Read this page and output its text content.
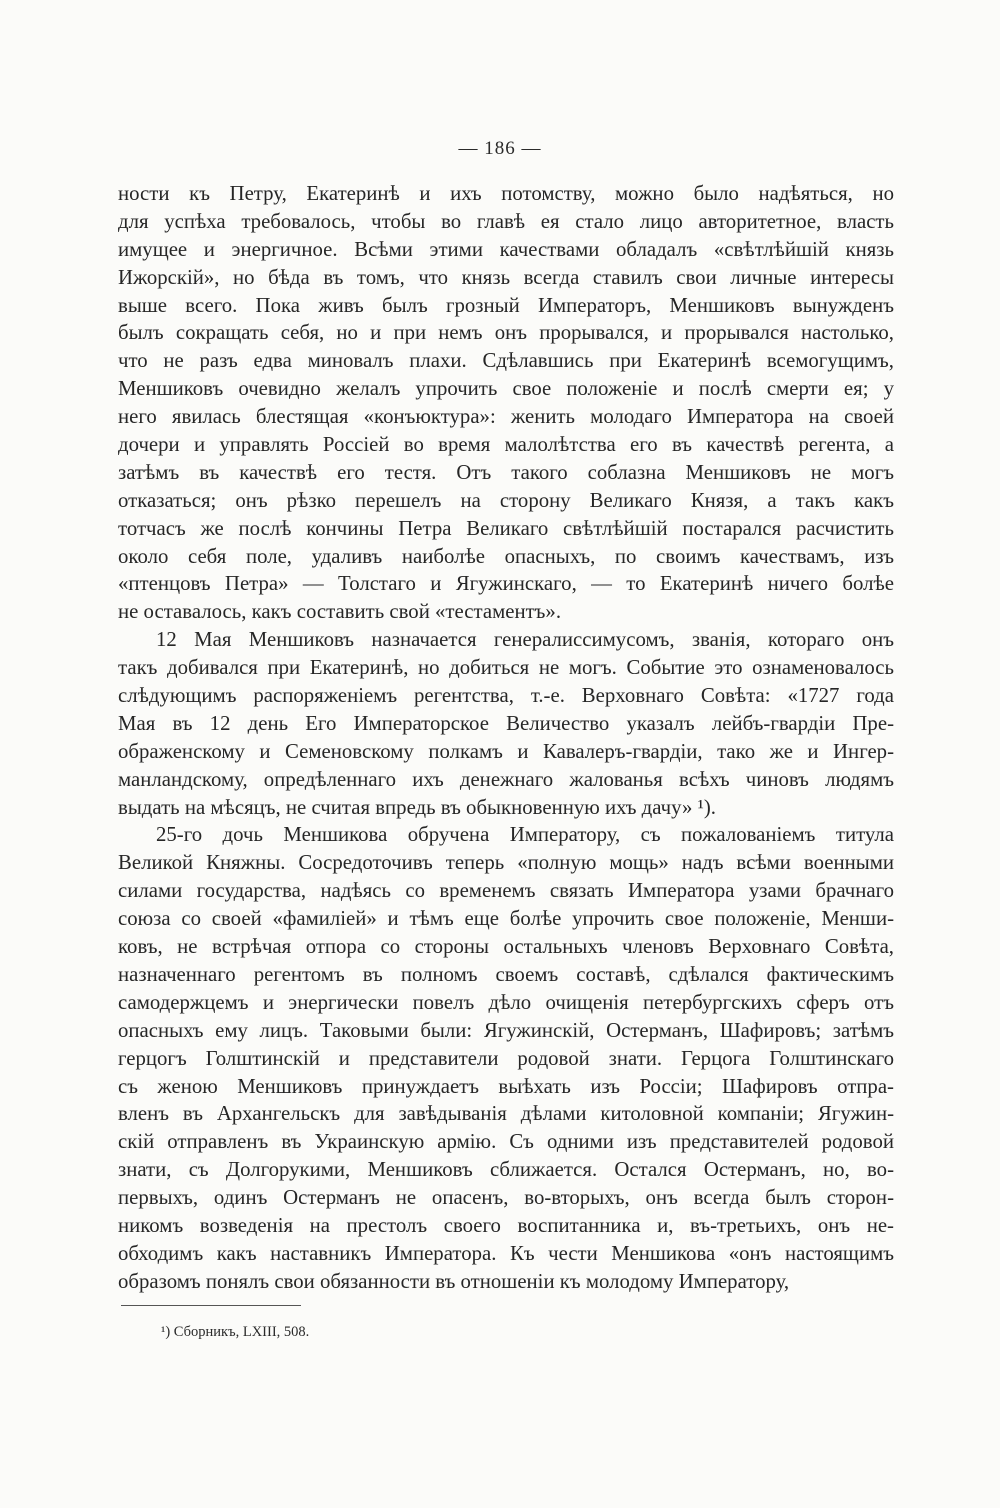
— 186 —
ности къ Петру, Екатеринѣ и ихъ потомству, можно было надѣяться, но
для успѣха требовалось, чтобы во главѣ ея стало лицо авторитетное, власть
имущее и энергичное. Всѣми этими качествами обладалъ «свѣтлѣйшій князь
Ижорскій», но бѣда въ томъ, что князь всегда ставилъ свои личные интересы
выше всего. Пока живъ былъ грозный Императоръ, Меншиковъ вынужденъ
былъ сокращать себя, но и при немъ онъ прорывался, и прорывался настолько,
что не разъ едва миновалъ плахи. Сдѣлавшись при Екатеринѣ всемогущимъ,
Меншиковъ очевидно желалъ упрочить свое положеніе и послѣ смерти ея; у
него явилась блестящая «конъюктура»: женить молодаго Императора на своей
дочери и управлять Россіей во время малолѣтства его въ качествѣ регента, а
затѣмъ въ качествѣ его тестя. Отъ такого соблазна Меншиковъ не могъ
отказаться; онъ рѣзко перешелъ на сторону Великаго Князя, а такъ какъ
тотчасъ же послѣ кончины Петра Великаго свѣтлѣйшій постарался расчистить
около себя поле, удаливъ наиболѣе опасныхъ, по своимъ качествамъ, изъ
«птенцовъ Петра» — Толстаго и Ягужинскаго, — то Екатеринѣ ничего болѣе
не оставалось, какъ составить свой «тестаментъ».
12 Мая Меншиковъ назначается генералиссимусомъ, званія, котораго онъ
такъ добивался при Екатеринѣ, но добиться не могъ. Событие это ознаменовалось
слѣдующимъ распоряженіемъ регентства, т.-е. Верховнаго Совѣта: «1727 года
Мая въ 12 день Его Императорское Величество указалъ лейбъ-гвардіи Пре-
ображенскому и Семеновскому полкамъ и Кавалеръ-гвардіи, тако же и Ингер-
манландскому, опредѣленнаго ихъ денежнаго жалованья всѣхъ чиновъ людямъ
выдать на мѣсяцъ, не считая впредь въ обыкновенную ихъ дачу» ¹).
25-го дочь Меншикова обручена Императору, съ пожалованіемъ титула
Великой Княжны. Сосредоточивъ теперь «полную мощь» надъ всѣми военными
силами государства, надѣясь со временемъ связать Императора узами брачнаго
союза со своей «фамиліей» и тѣмъ еще болѣе упрочить свое положеніе, Менши-
ковъ, не встрѣчая отпора со стороны остальныхъ членовъ Верховнаго Совѣта,
назначеннаго регентомъ въ полномъ своемъ составѣ, сдѣлался фактическимъ
самодержцемъ и энергически повелъ дѣло очищенія петербургскихъ сферъ отъ
опасныхъ ему лицъ. Таковыми были: Ягужинскій, Остерманъ, Шафировъ; затѣмъ
герцогъ Голштинскій и представители родовой знати. Герцога Голштинскаго
съ женою Меншиковъ принуждаетъ выѣхать изъ Россіи; Шафировъ отпра-
вленъ въ Архангельскъ для завѣдыванія дѣлами китоловной компаніи; Ягужин-
скій отправленъ въ Украинскую армію. Съ одними изъ представителей родовой
знати, съ Долгорукими, Меншиковъ сближается. Остался Остерманъ, но, во-
первыхъ, одинъ Остерманъ не опасенъ, во-вторыхъ, онъ всегда былъ сторон-
никомъ возведенія на престолъ своего воспитанника и, въ-третьихъ, онъ не-
обходимъ какъ наставникъ Императора. Къ чести Меншикова «онъ настоящимъ
образомъ понялъ свои обязанности въ отношеніи къ молодому Императору,
¹) Сборникъ, LXIII, 508.
